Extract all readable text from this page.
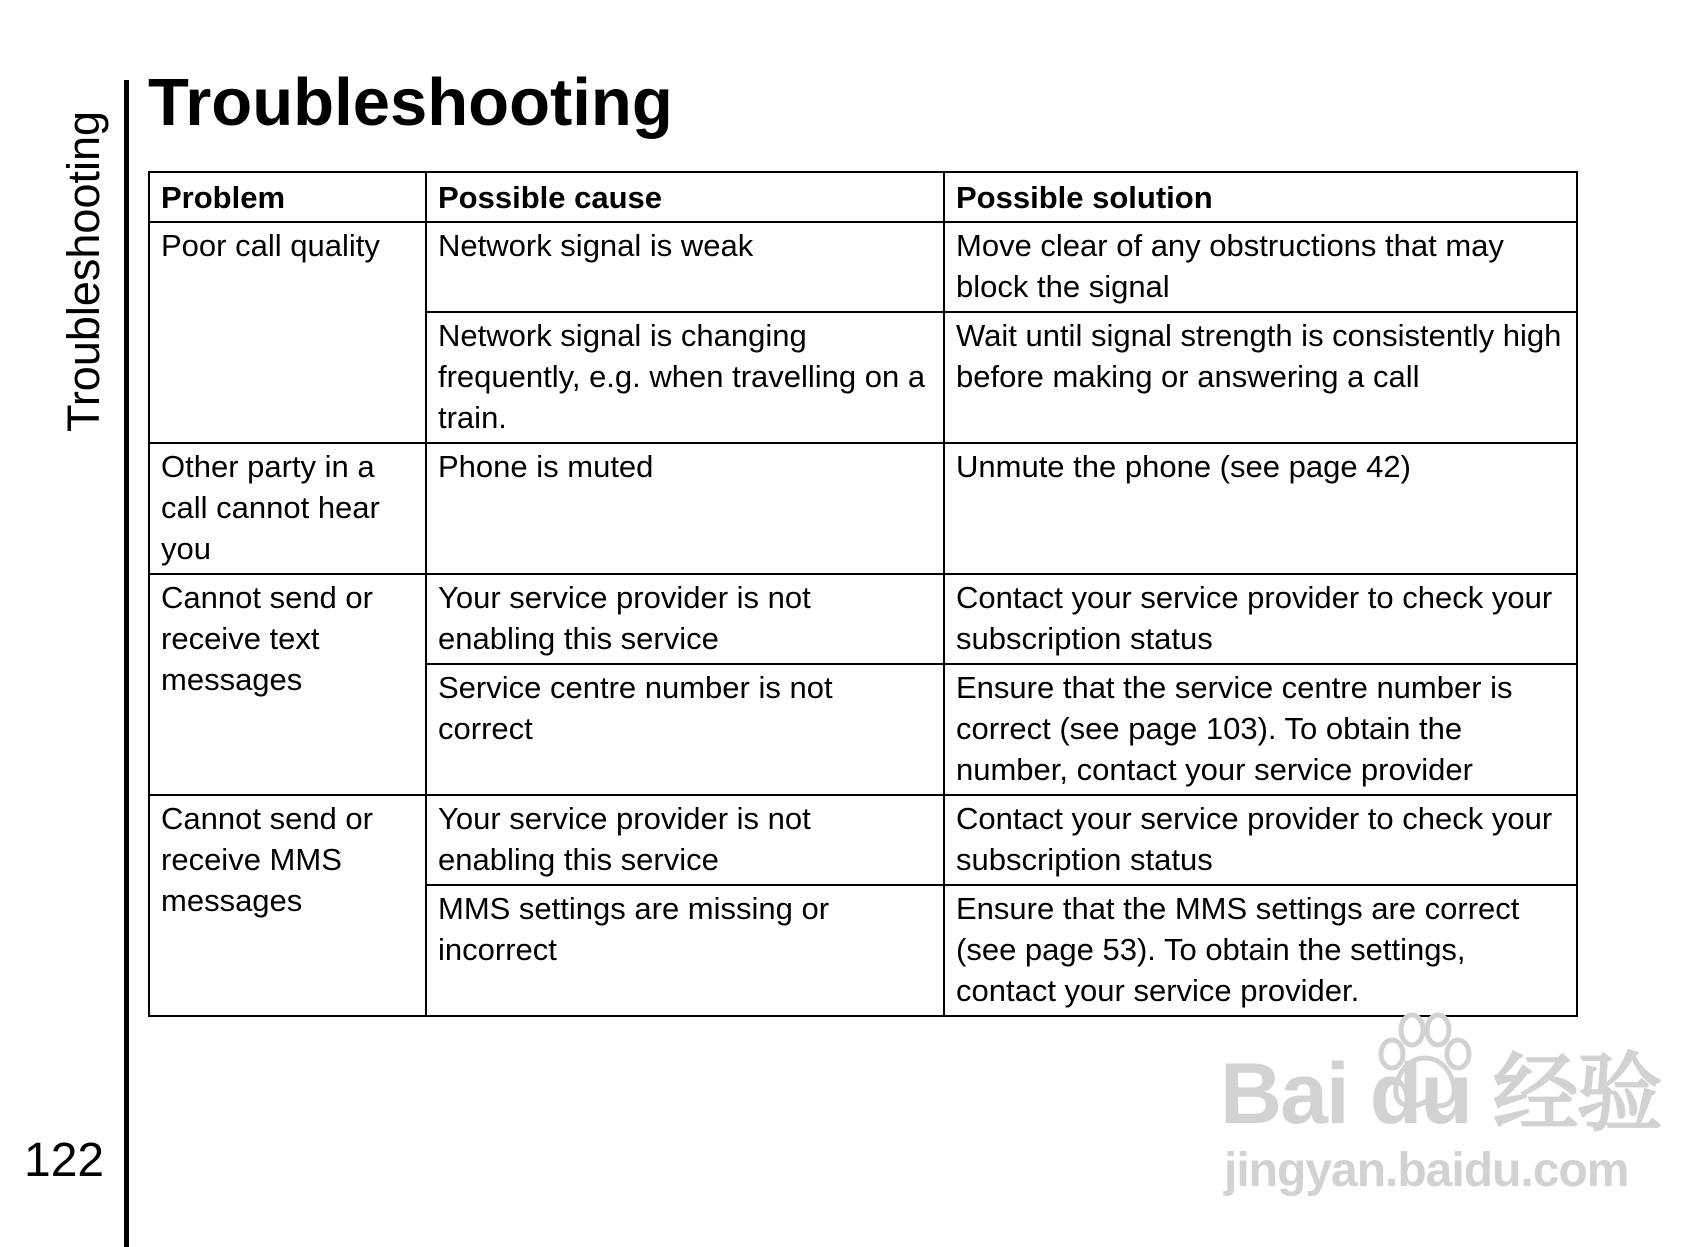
Troubleshooting
122
Troubleshooting
Problem	Possible cause	Possible solution
Poor call quality	Network signal is weak	Move clear of any obstructions that may block the signal
	Network signal is changing frequently, e.g. when travelling on a train.	Wait until signal strength is consistently high before making or answering a call
Other party in a call cannot hear you	Phone is muted	Unmute the phone (see page 42)
Cannot send or receive text messages	Your service provider is not enabling this service	Contact your service provider to check your subscription status
	Service centre number is not correct	Ensure that the service centre number is correct (see page 103). To obtain the number, contact your service provider
Cannot send or receive MMS messages	Your service provider is not enabling this service	Contact your service provider to check your subscription status
	MMS settings are missing or incorrect	Ensure that the MMS settings are correct (see page 53). To obtain the settings, contact your service provider.
Bai du 经验
jingyan.baidu.com
